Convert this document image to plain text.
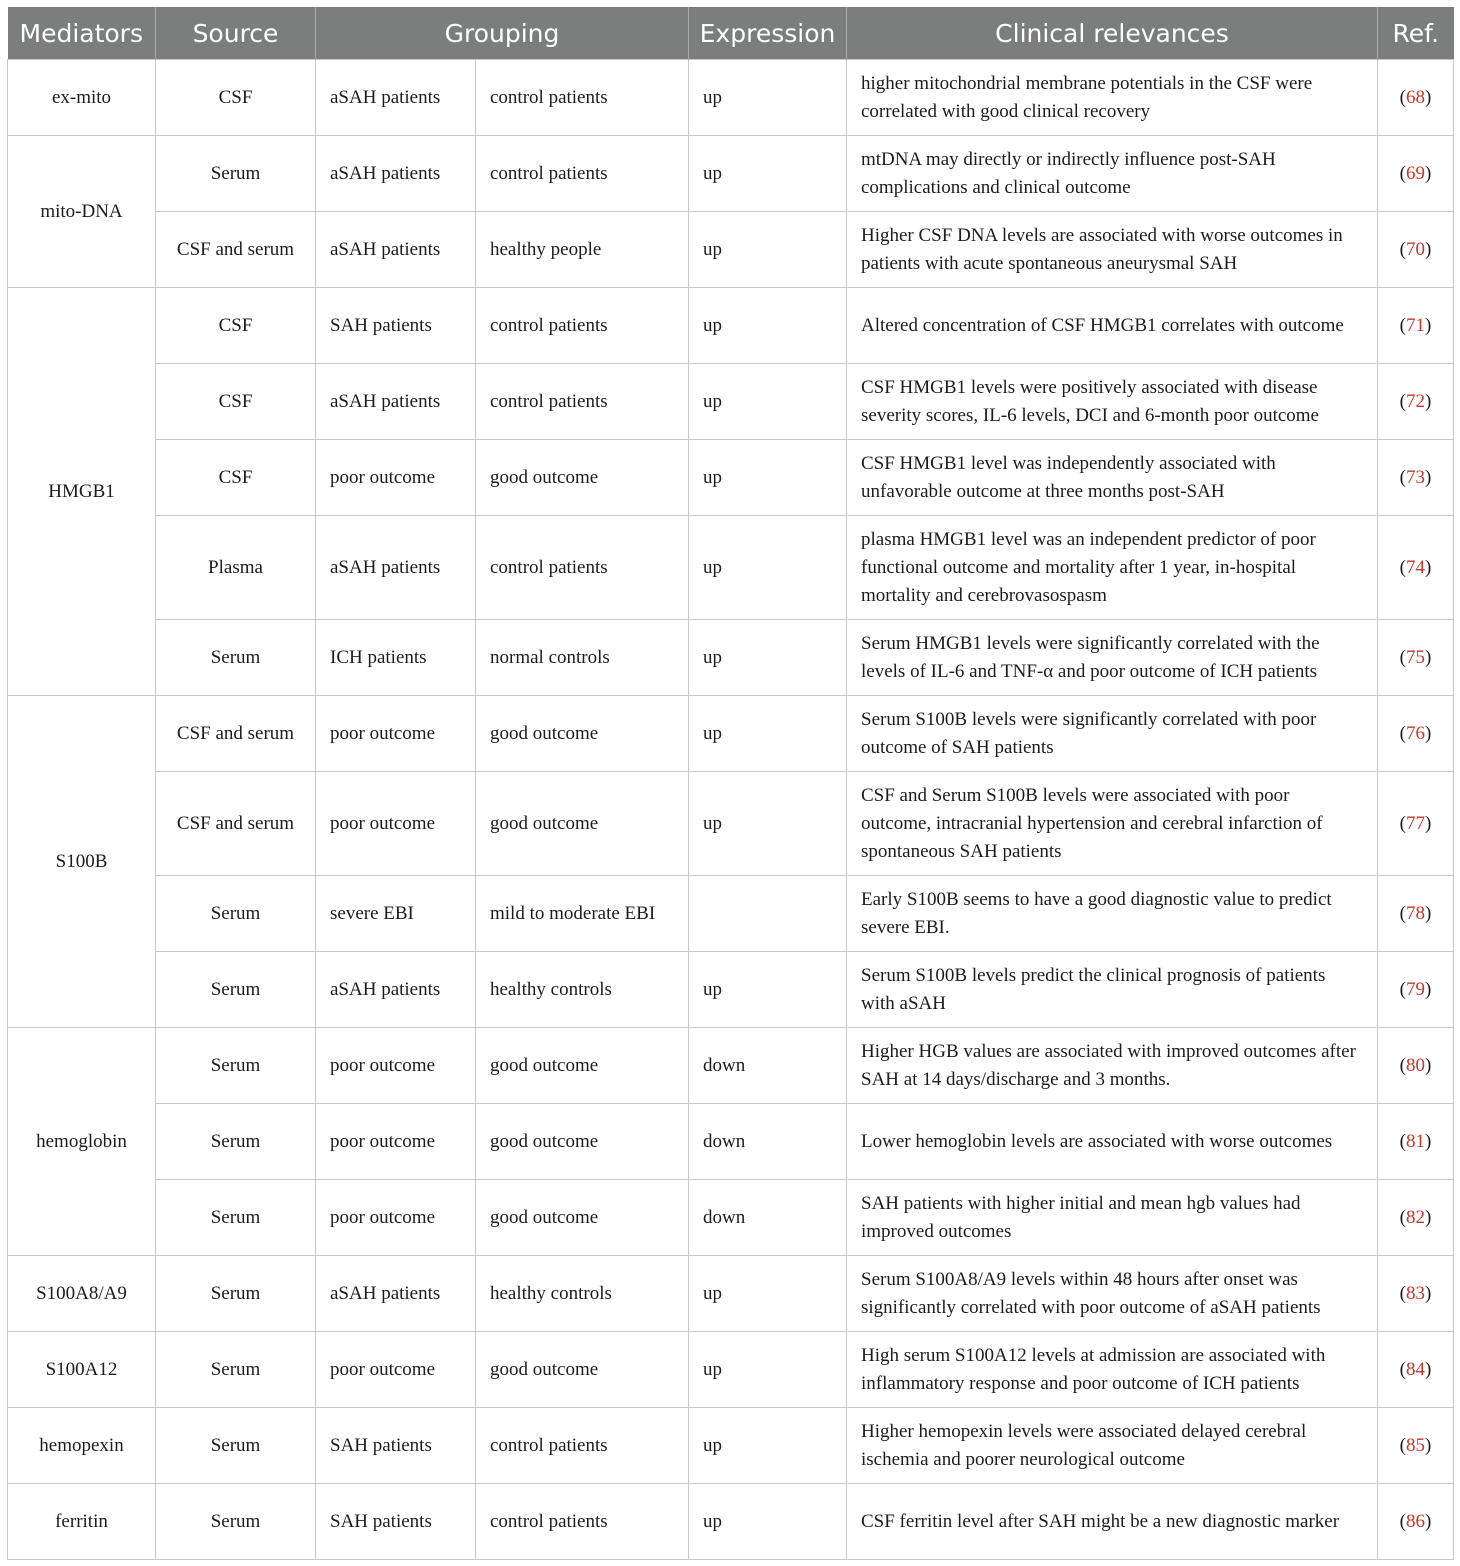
Mediators	Source	Grouping		Expression	Clinical relevances	Ref.
ex-mito	CSF	aSAH patients	control patients	up	higher mitochondrial membrane potentials in the CSF were correlated with good clinical recovery	(68)
mito-DNA	Serum	aSAH patients	control patients	up	mtDNA may directly or indirectly influence post-SAH complications and clinical outcome	(69)
	CSF and serum	aSAH patients	healthy people	up	Higher CSF DNA levels are associated with worse outcomes in patients with acute spontaneous aneurysmal SAH	(70)
HMGB1	CSF	SAH patients	control patients	up	Altered concentration of CSF HMGB1 correlates with outcome	(71)
	CSF	aSAH patients	control patients	up	CSF HMGB1 levels were positively associated with disease severity scores, IL-6 levels, DCI and 6-month poor outcome	(72)
	CSF	poor outcome	good outcome	up	CSF HMGB1 level was independently associated with unfavorable outcome at three months post-SAH	(73)
	Plasma	aSAH patients	control patients	up	plasma HMGB1 level was an independent predictor of poor functional outcome and mortality after 1 year, in-hospital mortality and cerebrovasospasm	(74)
	Serum	ICH patients	normal controls	up	Serum HMGB1 levels were significantly correlated with the levels of IL-6 and TNF-α and poor outcome of ICH patients	(75)
S100B	CSF and serum	poor outcome	good outcome	up	Serum S100B levels were significantly correlated with poor outcome of SAH patients	(76)
	CSF and serum	poor outcome	good outcome	up	CSF and Serum S100B levels were associated with poor outcome, intracranial hypertension and cerebral infarction of spontaneous SAH patients	(77)
	Serum	severe EBI	mild to moderate EBI		Early S100B seems to have a good diagnostic value to predict severe EBI.	(78)
	Serum	aSAH patients	healthy controls	up	Serum S100B levels predict the clinical prognosis of patients with aSAH	(79)
hemoglobin	Serum	poor outcome	good outcome	down	Higher HGB values are associated with improved outcomes after SAH at 14 days/discharge and 3 months.	(80)
	Serum	poor outcome	good outcome	down	Lower hemoglobin levels are associated with worse outcomes	(81)
	Serum	poor outcome	good outcome	down	SAH patients with higher initial and mean hgb values had improved outcomes	(82)
S100A8/A9	Serum	aSAH patients	healthy controls	up	Serum S100A8/A9 levels within 48 hours after onset was significantly correlated with poor outcome of aSAH patients	(83)
S100A12	Serum	poor outcome	good outcome	up	High serum S100A12 levels at admission are associated with inflammatory response and poor outcome of ICH patients	(84)
hemopexin	Serum	SAH patients	control patients	up	Higher hemopexin levels were associated delayed cerebral ischemia and poorer neurological outcome	(85)
ferritin	Serum	SAH patients	control patients	up	CSF ferritin level after SAH might be a new diagnostic marker	(86)
